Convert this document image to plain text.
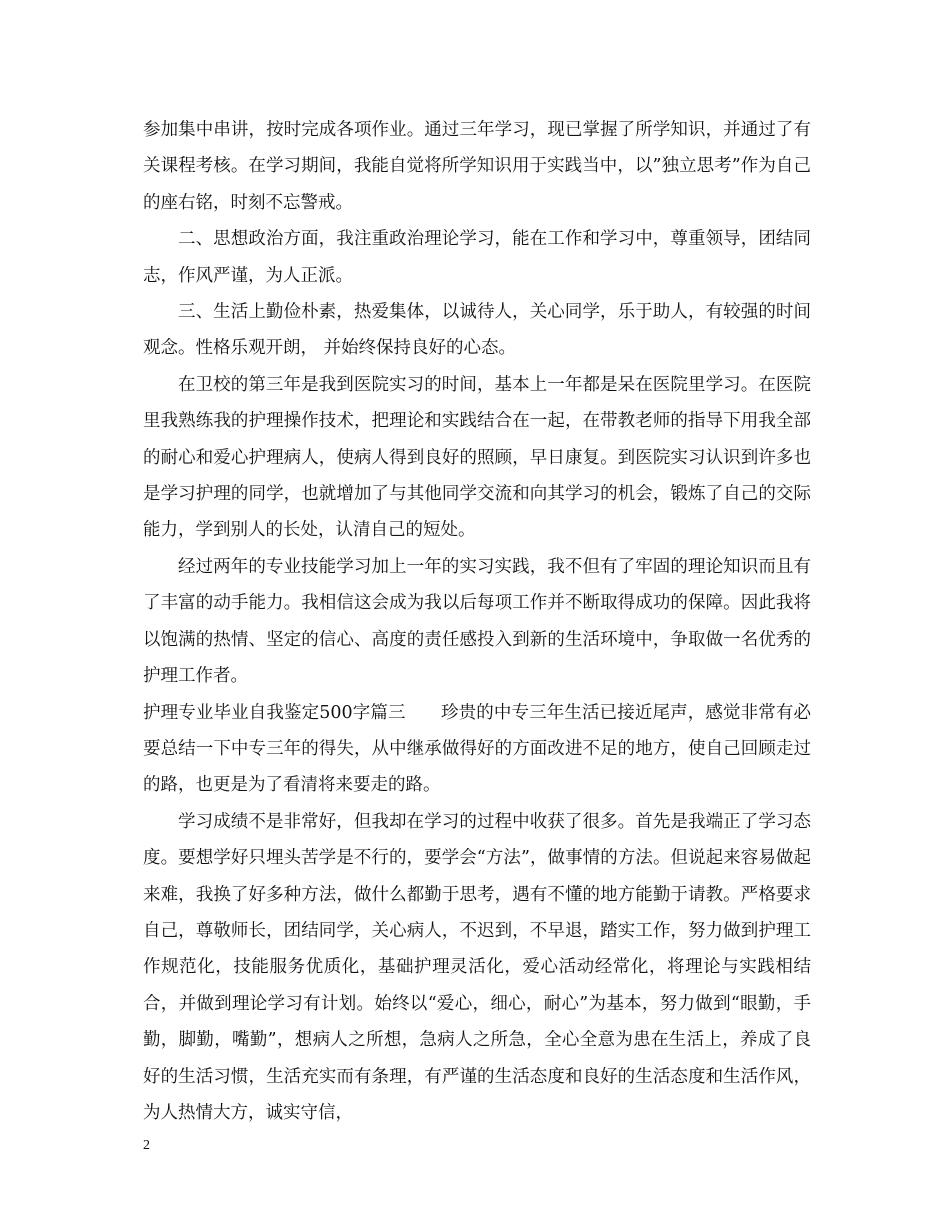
参加集中串讲，按时完成各项作业。通过三年学习，现已掌握了所学知识，并通过了有关课程考核。在学习期间，我能自觉将所学知识用于实践当中，以”独立思考”作为自己的座右铭，时刻不忘警戒。

二、思想政治方面，我注重政治理论学习，能在工作和学习中，尊重领导，团结同志，作风严谨，为人正派。

三、生活上勤俭朴素，热爱集体，以诚待人，关心同学，乐于助人，有较强的时间观念。性格乐观开朗， 并始终保持良好的心态。

在卫校的第三年是我到医院实习的时间，基本上一年都是呆在医院里学习。在医院里我熟练我的护理操作技术，把理论和实践结合在一起，在带教老师的指导下用我全部的耐心和爱心护理病人，使病人得到良好的照顾，早日康复。到医院实习认识到许多也是学习护理的同学，也就增加了与其他同学交流和向其学习的机会，锻炼了自己的交际能力，学到别人的长处，认清自己的短处。

经过两年的专业技能学习加上一年的实习实践，我不但有了牢固的理论知识而且有了丰富的动手能力。我相信这会成为我以后每项工作并不断取得成功的保障。因此我将以饱满的热情、坚定的信心、高度的责任感投入到新的生活环境中，争取做一名优秀的护理工作者。

护理专业毕业自我鉴定500字篇三　　珍贵的中专三年生活已接近尾声，感觉非常有必要总结一下中专三年的得失，从中继承做得好的方面改进不足的地方，使自己回顾走过的路，也更是为了看清将来要走的路。

学习成绩不是非常好，但我却在学习的过程中收获了很多。首先是我端正了学习态度。要想学好只埋头苦学是不行的，要学会“方法”，做事情的方法。但说起来容易做起来难，我换了好多种方法，做什么都勤于思考，遇有不懂的地方能勤于请教。严格要求自己，尊敬师长，团结同学，关心病人，不迟到，不早退，踏实工作，努力做到护理工作规范化，技能服务优质化，基础护理灵活化，爱心活动经常化，将理论与实践相结合，并做到理论学习有计划。始终以“爱心，细心，耐心”为基本，努力做到“眼勤，手勤，脚勤，嘴勤”，想病人之所想，急病人之所急，全心全意为患在生活上，养成了良好的生活习惯，生活充实而有条理，有严谨的生活态度和良好的生活态度和生活作风，为人热情大方，诚实守信，

2
